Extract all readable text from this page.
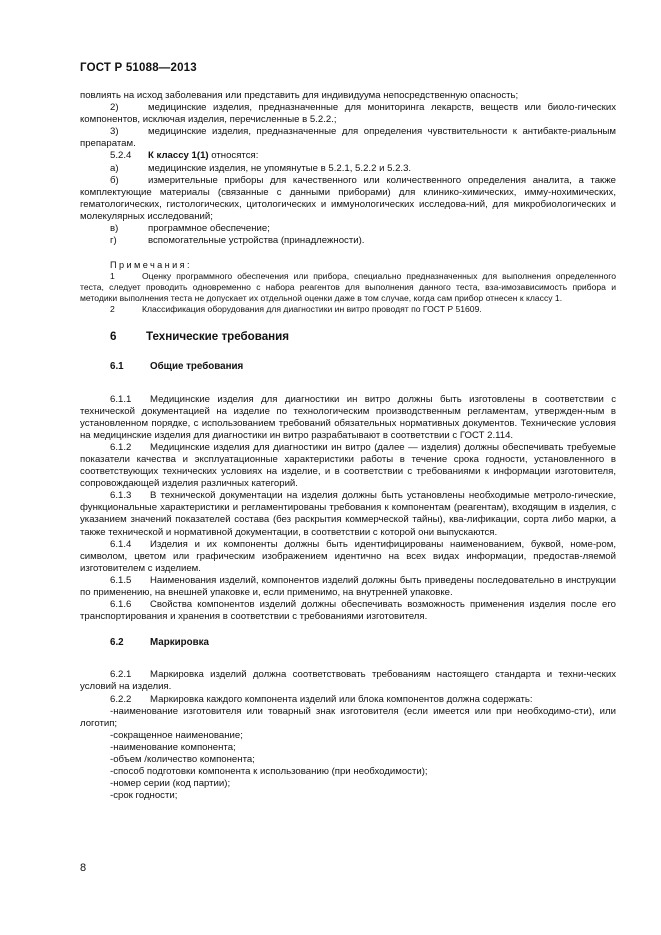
ГОСТ Р 51088—2013

повлиять на исход заболевания или представить для индивидуума непосредственную опасность;

2)	медицинские изделия, предназначенные для мониторинга лекарств, веществ или биоло-гических компонентов, исключая изделия, перечисленные в 5.2.2.;

3)	медицинские изделия, предназначенные для определения чувствительности к антибакте-риальным препаратам.

5.2.4 К классу 1(1) относятся:

а)	медицинские изделия, не упомянутые в 5.2.1, 5.2.2 и 5.2.3.

б)	измерительные приборы для качественного или количественного определения аналита, а также комплектующие материалы (связанные с данными приборами) для клинико-химических, имму-нохимических, гематологических, гистологических, цитологических и иммунологических исследова-ний, для микробиологических и молекулярных исследований;

в)	программное обеспечение;

г)	вспомогательные устройства (принадлежности).

Примечания:

1	Оценку программного обеспечения или прибора, специально предназначенных для выполнения определенного теста, следует проводить одновременно с набора реагентов для выполнения данного теста, вза-имозависимость прибора и методики выполнения теста не допускает их отдельной оценки даже в том случае, когда сам прибор отнесен к классу 1.

2	Классификация оборудования для диагностики ин витро проводят по ГОСТ Р 51609.

6	Технические требования
6.1	Общие требования

6.1.1 Медицинские изделия для диагностики ин витро должны быть изготовлены в соответствии с технической документацией на изделие по технологическим производственным регламентам, утвержден-ным в установленном порядке, с использованием требований обязательных нормативных документов. Технические условия на медицинские изделия для диагностики ин витро разрабатывают в соответствии с ГОСТ 2.114.

6.1.2 Медицинские изделия для диагностики ин витро (далее — изделия) должны обеспечивать требуемые показатели качества и эксплуатационные характеристики работы в течение срока годности, установленного в соответствующих технических условиях на изделие, и в соответствии с требованиями к информации изготовителя, сопровождающей изделия различных категорий.

6.1.3 В технической документации на изделия должны быть установлены необходимые метроло-гические, функциональные характеристики и регламентированы требования к компонентам (реагентам), входящим в изделия, с указанием значений показателей состава (без раскрытия коммерческой тайны), ква-лификации, сорта либо марки, а также технической и нормативной документации, в соответствии с которой они выпускаются.

6.1.4 Изделия и их компоненты должны быть идентифицированы наименованием, буквой, номе-ром, символом, цветом или графическим изображением идентично на всех видах информации, предостав-ляемой изготовителем с изделием.

6.1.5 Наименования изделий, компонентов изделий должны быть приведены последовательно в инструкции по применению, на внешней упаковке и, если применимо, на внутренней упаковке.

6.1.6 Свойства компонентов изделий должны обеспечивать возможность применения изделия после его транспортирования и хранения в соответствии с требованиями изготовителя.

6.2	Маркировка

6.2.1 Маркировка изделий должна соответствовать требованиям настоящего стандарта и техни-ческих условий на изделия.

6.2.2 Маркировка каждого компонента изделий или блока компонентов должна содержать:

-наименование изготовителя или товарный знак изготовителя (если имеется или при необходимо-сти), или логотип;

-сокращенное наименование;

-наименование компонента;

-объем /количество компонента;

-способ подготовки компонента к использованию (при необходимости);

-номер серии (код партии);

-срок годности;

8
